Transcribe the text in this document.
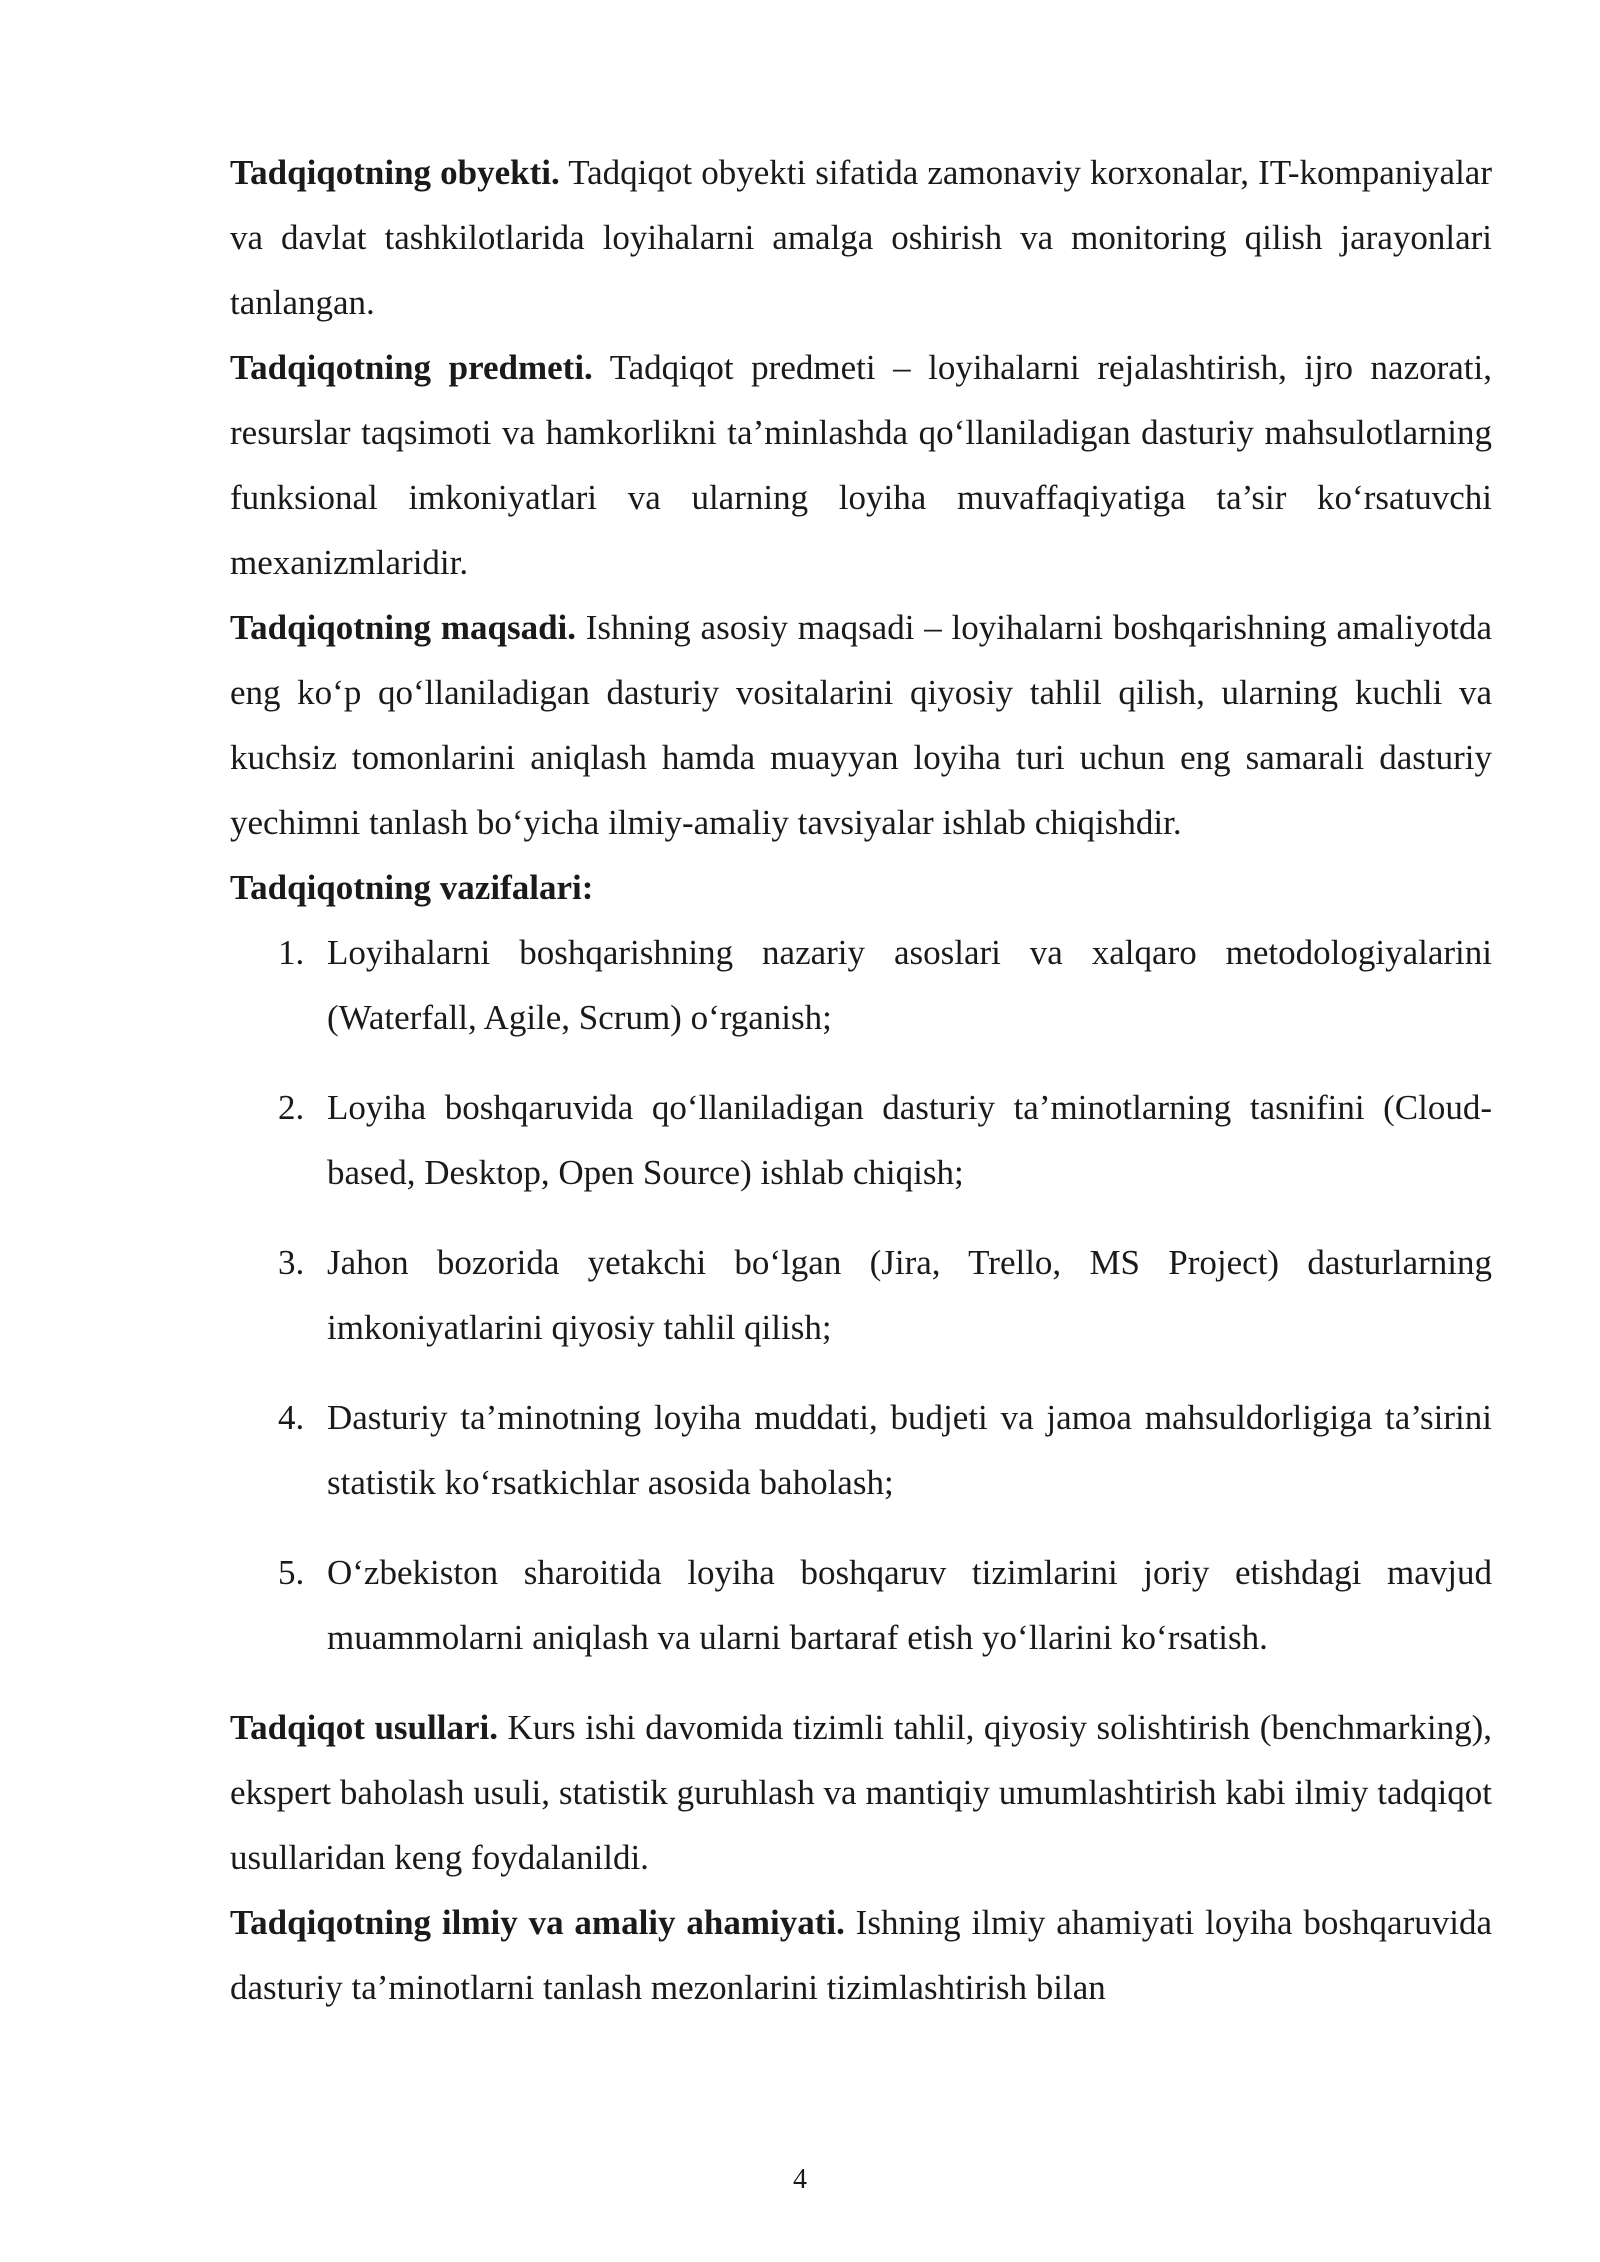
Tadqiqotning obyekti. Tadqiqot obyekti sifatida zamonaviy korxonalar, IT-kompaniyalar va davlat tashkilotlarida loyihalarni amalga oshirish va monitoring qilish jarayonlari tanlangan.

Tadqiqotning predmeti. Tadqiqot predmeti – loyihalarni rejalashtirish, ijro nazorati, resurslar taqsimoti va hamkorlikni ta’minlashda qo‘llaniladigan dasturiy mahsulotlarning funksional imkoniyatlari va ularning loyiha muvaffaqiyatiga ta’sir ko‘rsatuvchi mexanizmlaridir.

Tadqiqotning maqsadi. Ishning asosiy maqsadi – loyihalarni boshqarishning amaliyotda eng ko‘p qo‘llaniladigan dasturiy vositalarini qiyosiy tahlil qilish, ularning kuchli va kuchsiz tomonlarini aniqlash hamda muayyan loyiha turi uchun eng samarali dasturiy yechimni tanlash bo‘yicha ilmiy-amaliy tavsiyalar ishlab chiqishdir.

Tadqiqotning vazifalari:

1. Loyihalarni boshqarishning nazariy asoslari va xalqaro metodologiyalarini (Waterfall, Agile, Scrum) o‘rganish;
2. Loyiha boshqaruvida qo‘llaniladigan dasturiy ta’minotlarning tasnifini (Cloud-based, Desktop, Open Source) ishlab chiqish;
3. Jahon bozorida yetakchi bo‘lgan (Jira, Trello, MS Project) dasturlarning imkoniyatlarini qiyosiy tahlil qilish;
4. Dasturiy ta’minotning loyiha muddati, budjeti va jamoa mahsuldorligiga ta’sirini statistik ko‘rsatkichlar asosida baholash;
5. O‘zbekiston sharoitida loyiha boshqaruv tizimlarini joriy etishdagi mavjud muammolarni aniqlash va ularni bartaraf etish yo‘llarini ko‘rsatish.

Tadqiqot usullari. Kurs ishi davomida tizimli tahlil, qiyosiy solishtirish (benchmarking), ekspert baholash usuli, statistik guruhlash va mantiqiy umumlashtirish kabi ilmiy tadqiqot usullaridan keng foydalanildi.

Tadqiqotning ilmiy va amaliy ahamiyati. Ishning ilmiy ahamiyati loyiha boshqaruvida dasturiy ta’minotlarni tanlash mezonlarini tizimlashtirish bilan

4
